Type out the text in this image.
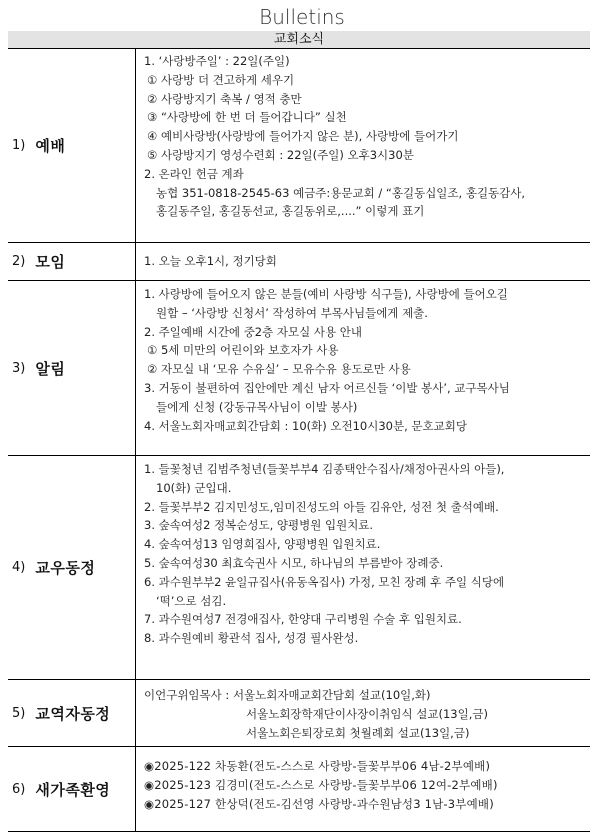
Bulletins
교회소식
1) 예배
1. ‘사랑방주일’ : 22일(주일)
① 사랑방 더 견고하게 세우기
② 사랑방지기 축복 / 영적 충만
③ “사랑방에 한 번 더 들어갑니다” 실천
④ 예비사랑방(사랑방에 들어가지 않은 분), 사랑방에 들어가기
⑤ 사랑방지기 영성수련회 : 22일(주일) 오후3시30분
2. 온라인 헌금 계좌
농협 351-0818-2545-63 예금주:용문교회 / “홍길동십일조, 홍길동감사,
홍길동주일, 홍길동선교, 홍길동위로,....” 이렇게 표기
2) 모임	1. 오늘 오후1시, 정기당회
3) 알림
1. 사랑방에 들어오지 않은 분들(예비 사랑방 식구들), 사랑방에 들어오길
원함 – ‘사랑방 신청서’ 작성하여 부목사님들에게 제출.
2. 주일예배 시간에 중2층 자모실 사용 안내
① 5세 미만의 어린이와 보호자가 사용
② 자모실 내 ‘모유 수유실’ – 모유수유 용도로만 사용
3. 거동이 불편하여 집안에만 계신 남자 어르신들 ‘이발 봉사’, 교구목사님
들에게 신청 (강동규목사님이 이발 봉사)
4. 서울노회자매교회간담회 : 10(화) 오전10시30분, 문호교회당
4) 교우동정
1. 들꽃청년 김범주청년(들꽃부부4 김종택안수집사/채정아권사의 아들),
10(화) 군입대.
2. 들꽃부부2 김지민성도,임미진성도의 아들 김유안, 성전 첫 출석예배.
3. 숲속여성2 정복순성도, 양평병원 입원치료.
4. 숲속여성13 임영희집사, 양평병원 입원치료.
5. 숲속여성30 최효숙권사 시모, 하나님의 부름받아 장례중.
6. 과수원부부2 윤일규집사(유동옥집사) 가정, 모친 장례 후 주일 식당에
‘떡’으로 섬김.
7. 과수원여성7 전경애집사, 한양대 구리병원 수술 후 입원치료.
8. 과수원예비 황관석 집사, 성경 필사완성.
5) 교역자동정
이언구위임목사 : 서울노회자매교회간담회 설교(10일,화)
서울노회장학재단이사장이취임식 설교(13일,금)
서울노회은퇴장로회 첫월례회 설교(13일,금)
6) 새가족환영
◉2025-122 차동환(전도-스스로 사랑방-들꽃부부06 4남-2부예배)
◉2025-123 김경미(전도-스스로 사랑방-들꽃부부06 12여-2부예배)
◉2025-127 한상덕(전도-김선영 사랑방-과수원남성3 1남-3부예배)
